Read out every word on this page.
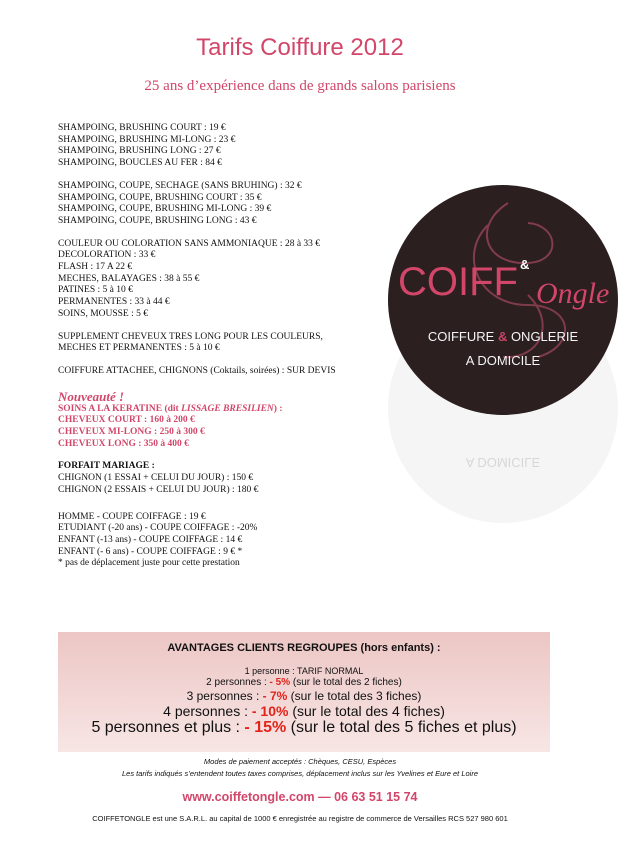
Tarifs Coiffure 2012
25 ans d’expérience dans de grands salons parisiens
SHAMPOING, BRUSHING COURT : 19 €
SHAMPOING, BRUSHING MI-LONG : 23 €
SHAMPOING, BRUSHING LONG : 27 €
SHAMPOING, BOUCLES AU FER : 84 €
SHAMPOING, COUPE, SECHAGE (SANS BRUHING) : 32 €
SHAMPOING, COUPE, BRUSHING COURT : 35 €
SHAMPOING, COUPE, BRUSHING MI-LONG : 39 €
SHAMPOING, COUPE, BRUSHING LONG : 43 €
COULEUR OU COLORATION SANS AMMONIAQUE : 28 à 33 €
DECOLORATION : 33 €
FLASH : 17 A 22 €
MECHES, BALAYAGES : 38 à 55 €
PATINES : 5 à 10 €
PERMANENTES : 33 à 44 €
SOINS, MOUSSE : 5 €
SUPPLEMENT CHEVEUX TRES LONG POUR LES COULEURS,
MECHES ET PERMANENTES : 5 à 10 €
COIFFURE ATTACHEE, CHIGNONS (Coktails, soirées) : SUR DEVIS
Nouveauté !
SOINS A LA KERATINE (dit LISSAGE BRESILIEN) :
CHEVEUX COURT : 160 à 200 €
CHEVEUX MI-LONG : 250 à 300 €
CHEVEUX LONG : 350 à 400 €
FORFAIT MARIAGE :
CHIGNON (1 ESSAI + CELUI DU JOUR) : 150 €
CHIGNON (2 ESSAIS + CELUI DU JOUR) : 180 €
HOMME - COUPE COIFFAGE : 19 €
ETUDIANT (-20 ans) - COUPE COIFFAGE : -20%
ENFANT (-13 ans) - COUPE COIFFAGE : 14 €
ENFANT (- 6 ans) - COUPE COIFFAGE : 9 € *
* pas de déplacement juste pour cette prestation
COIFF &
Ongle
COIFFURE & ONGLERIE
A DOMICILE
A DOMICILE
AVANTAGES CLIENTS REGROUPES (hors enfants) :
1 personne : TARIF NORMAL
2 personnes : - 5% (sur le total des 2 fiches)
3 personnes : - 7% (sur le total des 3 fiches)
4 personnes : - 10% (sur le total des 4 fiches)
5 personnes et plus : - 15% (sur le total des 5 fiches et plus)
Modes de paiement acceptés : Chèques, CESU, Espèces
Les tarifs indiqués s’entendent toutes taxes comprises, déplacement inclus sur les Yvelines et Eure et Loire
www.coiffetongle.com — 06 63 51 15 74
COIFFETONGLE est une S.A.R.L. au capital de 1000 € enregistrée au registre de commerce de Versailles RCS 527 980 601
